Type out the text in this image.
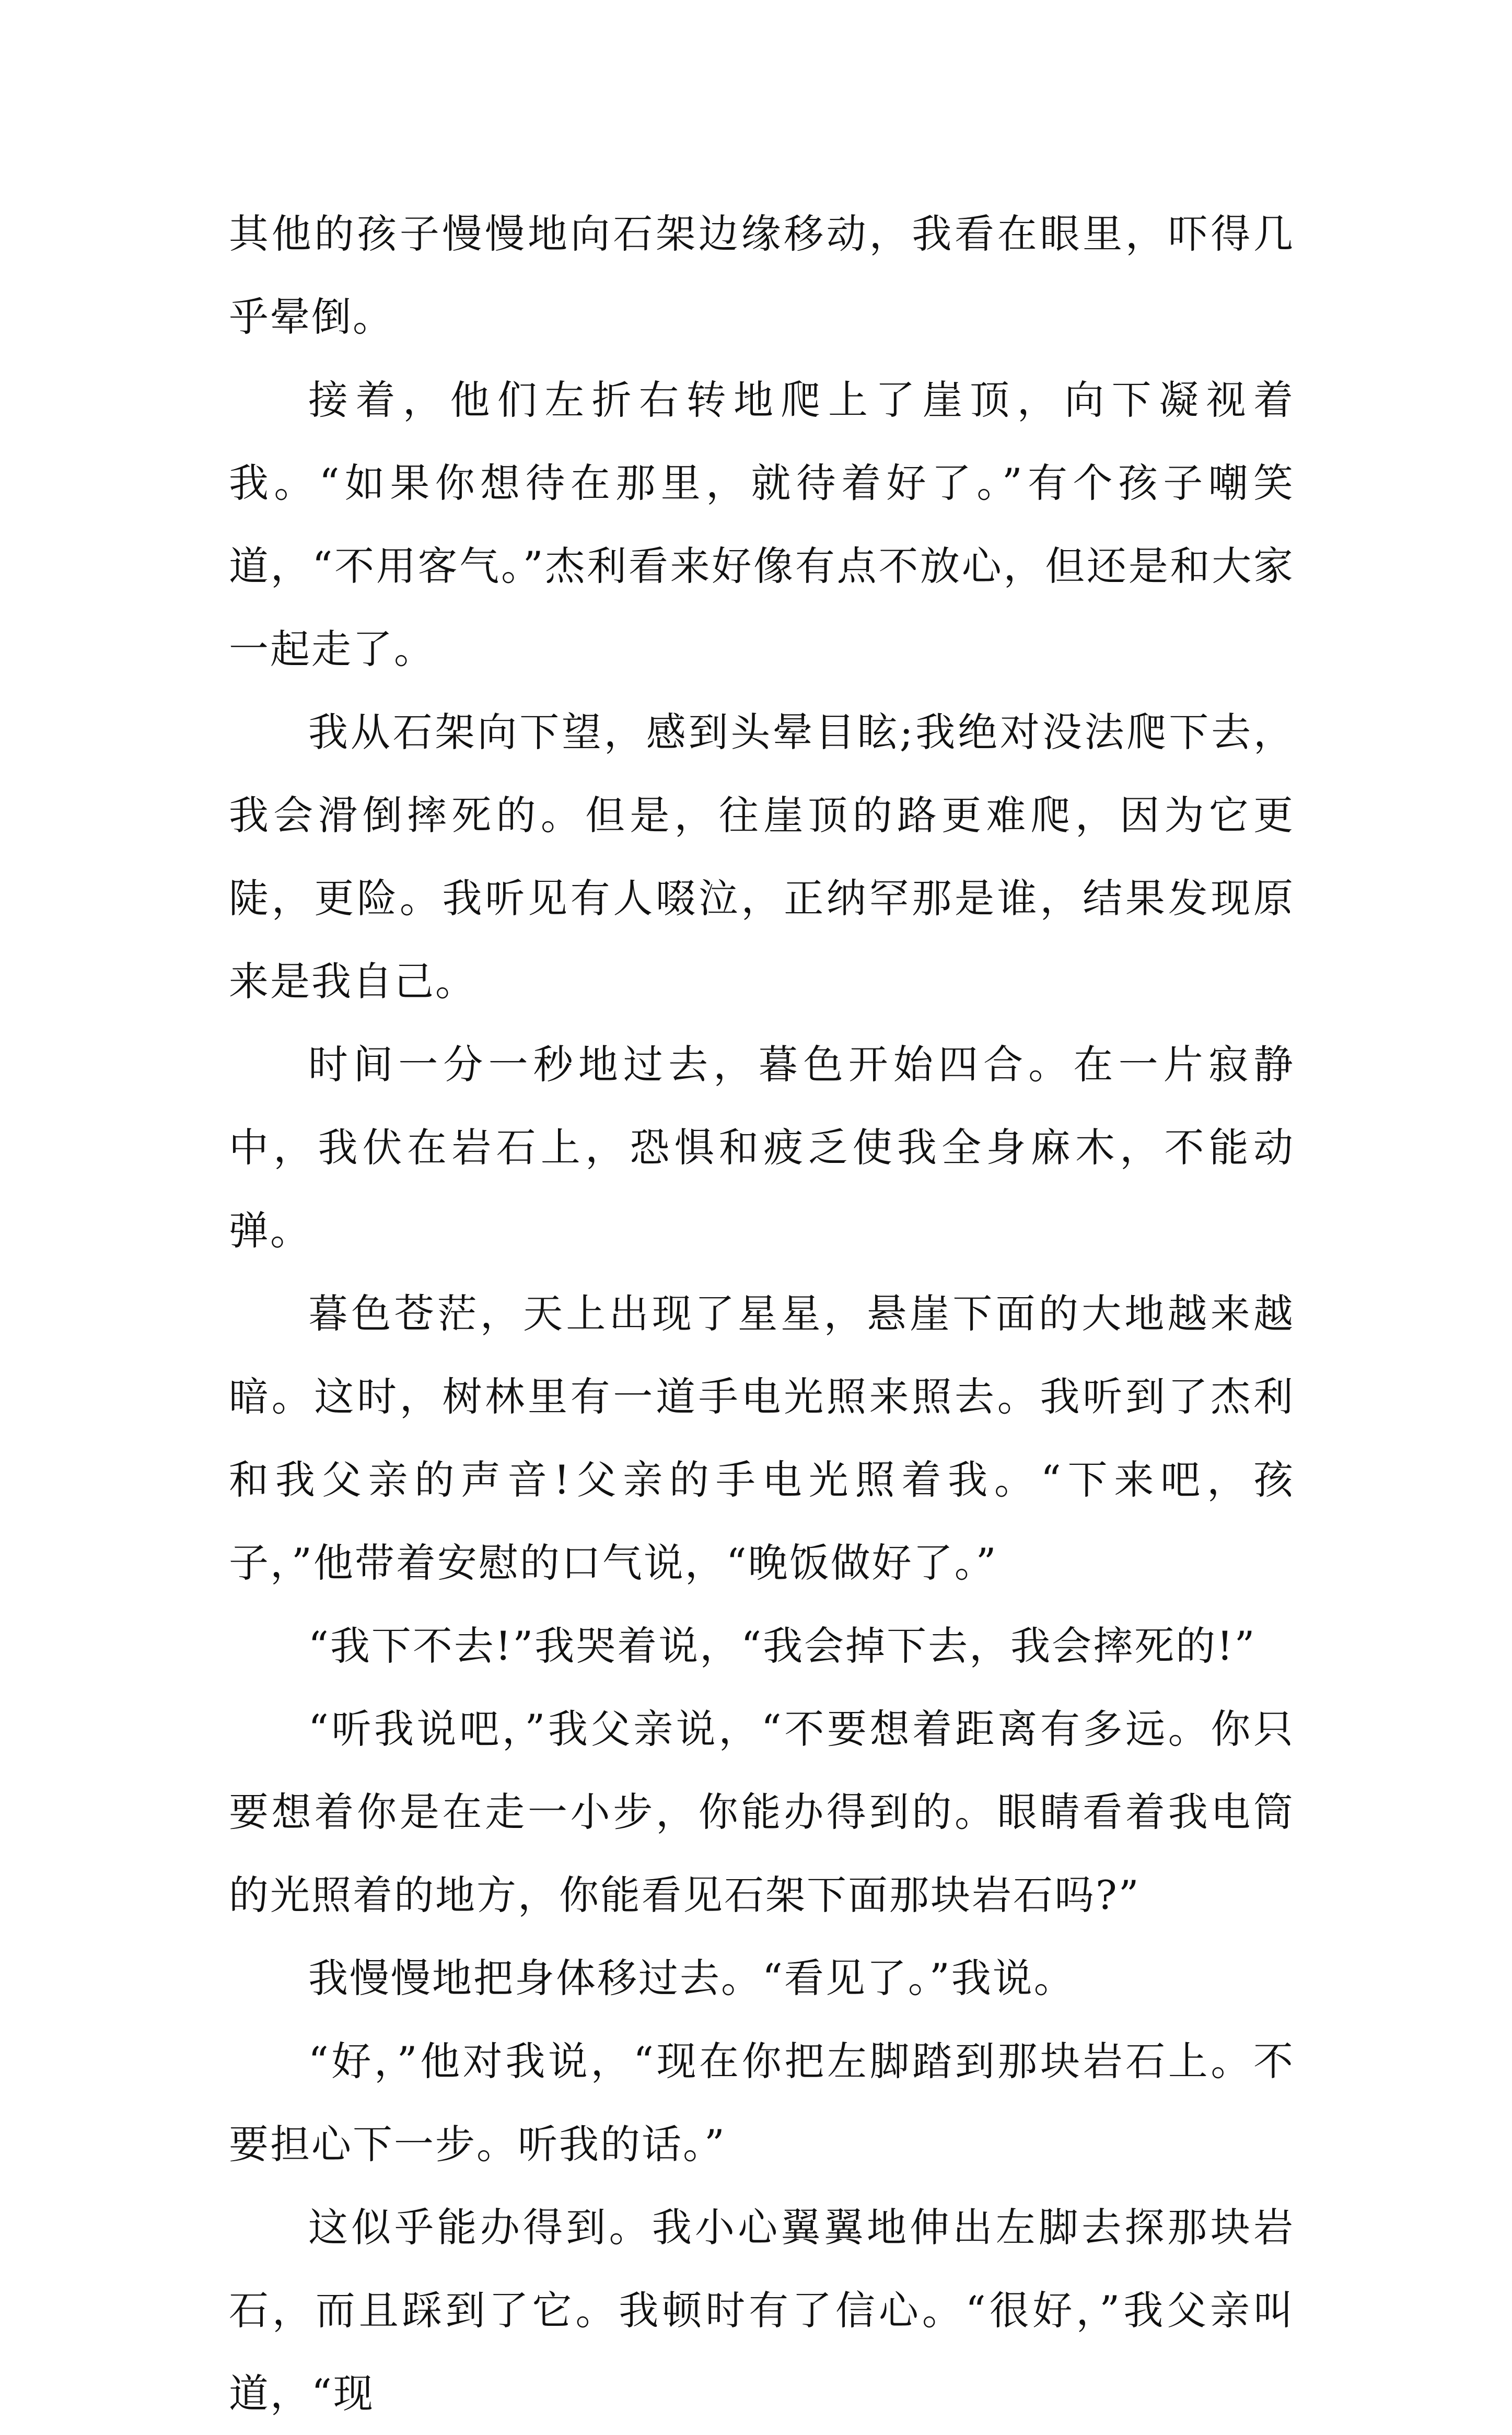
其他的孩子慢慢地向石架边缘移动，我看在眼里，吓得几乎晕倒。

接着，他们左折右转地爬上了崖顶，向下凝视着我。“如果你想待在那里，就待着好了。”有个孩子嘲笑道，“不用客气。”杰利看来好像有点不放心，但还是和大家一起走了。

我从石架向下望，感到头晕目眩;我绝对没法爬下去，我会滑倒摔死的。但是，往崖顶的路更难爬，因为它更陡，更险。我听见有人啜泣，正纳罕那是谁，结果发现原来是我自己。

时间一分一秒地过去，暮色开始四合。在一片寂静中，我伏在岩石上，恐惧和疲乏使我全身麻木，不能动弹。

暮色苍茫，天上出现了星星，悬崖下面的大地越来越暗。这时，树林里有一道手电光照来照去。我听到了杰利和我父亲的声音!父亲的手电光照着我。“下来吧，孩子，”他带着安慰的口气说，“晚饭做好了。”

“我下不去!”我哭着说，“我会掉下去，我会摔死的!”

“听我说吧，”我父亲说，“不要想着距离有多远。你只要想着你是在走一小步，你能办得到的。眼睛看着我电筒的光照着的地方，你能看见石架下面那块岩石吗?”

我慢慢地把身体移过去。“看见了。”我说。

“好，”他对我说，“现在你把左脚踏到那块岩石上。不要担心下一步。听我的话。”

这似乎能办得到。我小心翼翼地伸出左脚去探那块岩石，而且踩到了它。我顿时有了信心。“很好，”我父亲叫道，“现
